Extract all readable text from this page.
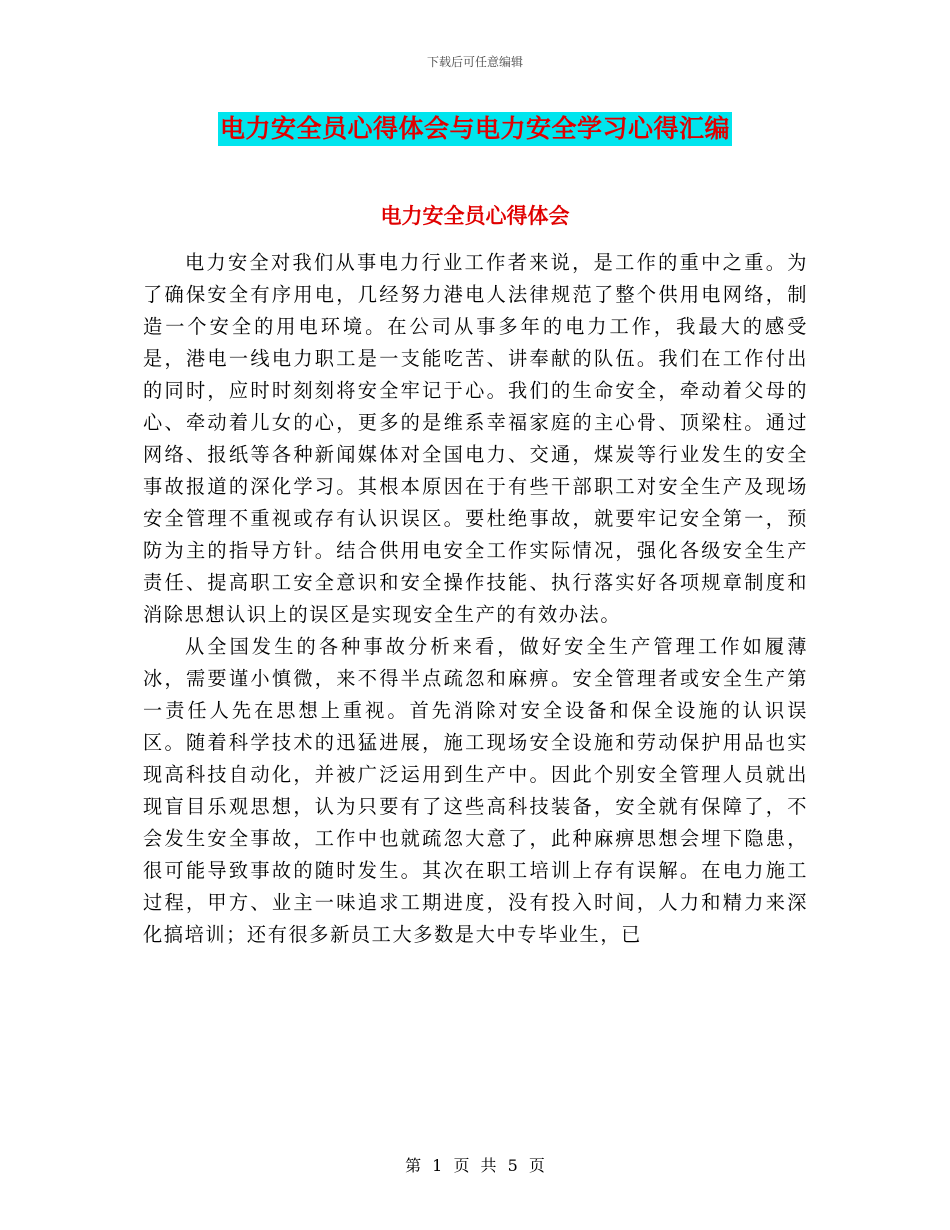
下载后可任意编辑
电力安全员心得体会与电力安全学习心得汇编
电力安全员心得体会

电力安全对我们从事电力行业工作者来说，是工作的重中之重。为了确保安全有序用电，几经努力港电人法律规范了整个供用电网络，制造一个安全的用电环境。在公司从事多年的电力工作，我最大的感受是，港电一线电力职工是一支能吃苦、讲奉献的队伍。我们在工作付出的同时，应时时刻刻将安全牢记于心。我们的生命安全，牵动着父母的心、牵动着儿女的心，更多的是维系幸福家庭的主心骨、顶梁柱。通过网络、报纸等各种新闻媒体对全国电力、交通，煤炭等行业发生的安全事故报道的深化学习。其根本原因在于有些干部职工对安全生产及现场安全管理不重视或存有认识误区。要杜绝事故，就要牢记安全第一，预防为主的指导方针。结合供用电安全工作实际情况，强化各级安全生产责任、提高职工安全意识和安全操作技能、执行落实好各项规章制度和消除思想认识上的误区是实现安全生产的有效办法。

从全国发生的各种事故分析来看，做好安全生产管理工作如履薄冰，需要谨小慎微，来不得半点疏忽和麻痹。安全管理者或安全生产第一责任人先在思想上重视。首先消除对安全设备和保全设施的认识误区。随着科学技术的迅猛进展，施工现场安全设施和劳动保护用品也实现高科技自动化，并被广泛运用到生产中。因此个别安全管理人员就出现盲目乐观思想，认为只要有了这些高科技装备，安全就有保障了，不会发生安全事故，工作中也就疏忽大意了，此种麻痹思想会埋下隐患，很可能导致事故的随时发生。其次在职工培训上存有误解。在电力施工过程，甲方、业主一味追求工期进度，没有投入时间，人力和精力来深化搞培训；还有很多新员工大多数是大中专毕业生，已

第 1 页 共 5 页
